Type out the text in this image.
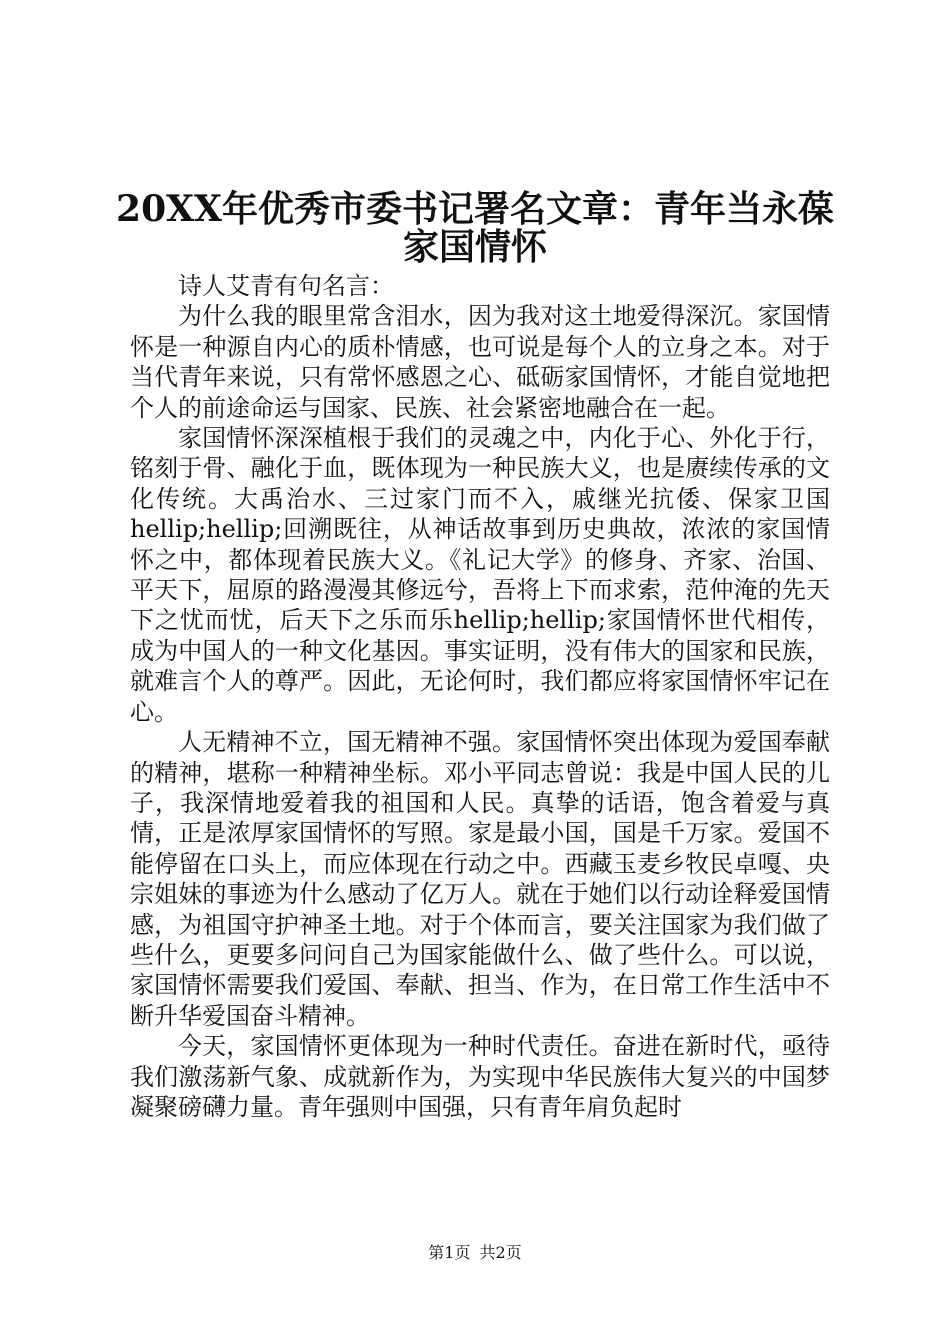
20XX年优秀市委书记署名文章：青年当永葆
家国情怀

诗人艾青有句名言：

为什么我的眼里常含泪水，因为我对这土地爱得深沉。家国情怀是一种源自内心的质朴情感，也可说是每个人的立身之本。对于当代青年来说，只有常怀感恩之心、砥砺家国情怀，才能自觉地把个人的前途命运与国家、民族、社会紧密地融合在一起。

家国情怀深深植根于我们的灵魂之中，内化于心、外化于行，铭刻于骨、融化于血，既体现为一种民族大义，也是赓续传承的文化传统。大禹治水、三过家门而不入，戚继光抗倭、保家卫国hellip;hellip;回溯既往，从神话故事到历史典故，浓浓的家国情怀之中，都体现着民族大义。《礼记大学》的修身、齐家、治国、平天下，屈原的路漫漫其修远兮，吾将上下而求索，范仲淹的先天下之忧而忧，后天下之乐而乐hellip;hellip;家国情怀世代相传，成为中国人的一种文化基因。事实证明，没有伟大的国家和民族，就难言个人的尊严。因此，无论何时，我们都应将家国情怀牢记在心。

人无精神不立，国无精神不强。家国情怀突出体现为爱国奉献的精神，堪称一种精神坐标。邓小平同志曾说：我是中国人民的儿子，我深情地爱着我的祖国和人民。真挚的话语，饱含着爱与真情，正是浓厚家国情怀的写照。家是最小国，国是千万家。爱国不能停留在口头上，而应体现在行动之中。西藏玉麦乡牧民卓嘎、央宗姐妹的事迹为什么感动了亿万人。就在于她们以行动诠释爱国情感，为祖国守护神圣土地。对于个体而言，要关注国家为我们做了些什么，更要多问问自己为国家能做什么、做了些什么。可以说，家国情怀需要我们爱国、奉献、担当、作为，在日常工作生活中不断升华爱国奋斗精神。

今天，家国情怀更体现为一种时代责任。奋进在新时代，亟待我们激荡新气象、成就新作为，为实现中华民族伟大复兴的中国梦凝聚磅礴力量。青年强则中国强，只有青年肩负起时

第1页 共2页
